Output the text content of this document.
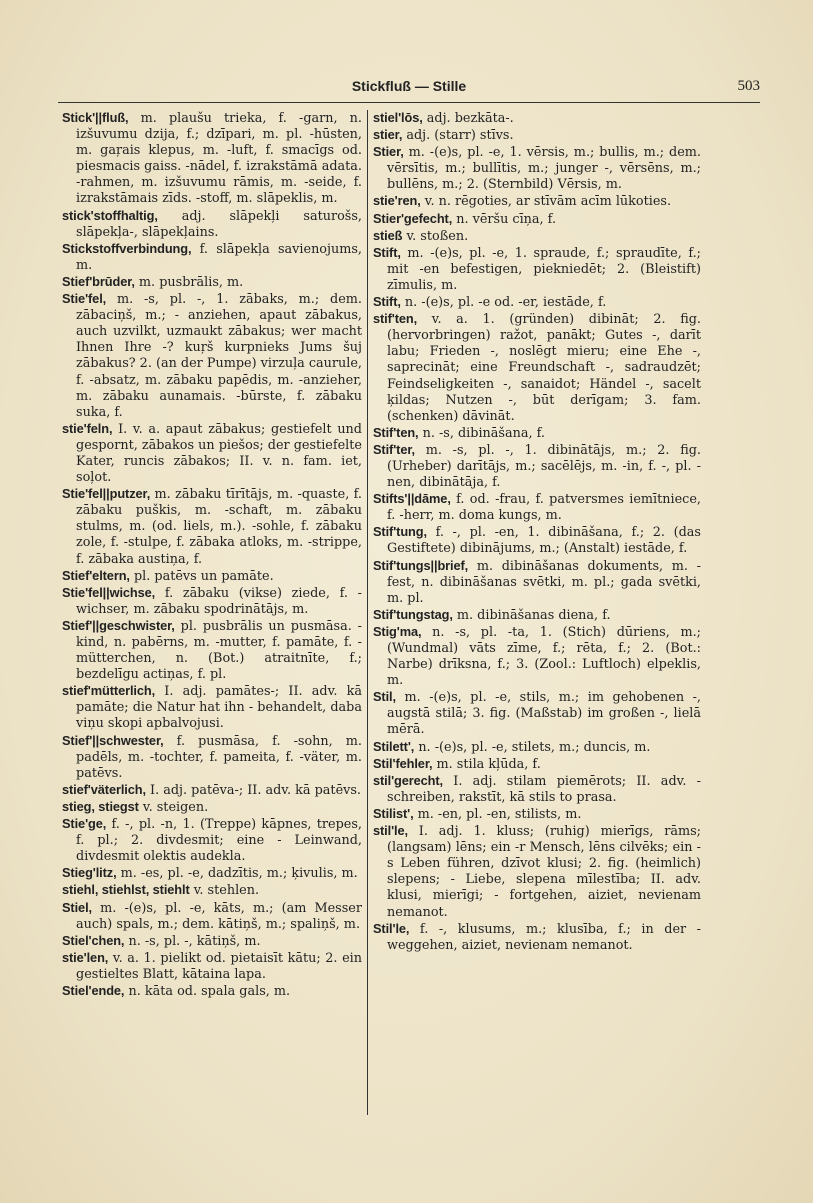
Stickfluß — Stille	503

Stick'||fluß, m. plaušu trieka, f. -garn, n. izšuvumu dzija, f.; dzīpari, m. pl. -hūsten, m. gaŗais klepus, m. -luft, f. smacīgs od. piesmacis gaiss. -nādel, f. izrakstāmā adata. -rahmen, m. izšuvumu rāmis, m. -seide, f. izrakstāmais zīds. -stoff, m. slāpeklis, m.

stick'stoffhaltig, adj. slāpekļi saturošs, slāpekļa-, slāpekļains.

Stickstoffverbindung, f. slāpekļa savienojums, m.

Stief'brūder, m. pusbrālis, m.

Stie'fel, m. -s, pl. -, 1. zābaks, m.; dem. zābaciņš, m.; - anziehen, apaut zābakus, auch uzvilkt, uzmaukt zābakus; wer macht Ihnen Ihre -? kuŗš kurpnieks Jums šuj zābakus? 2. (an der Pumpe) virzuļa caurule, f. -absatz, m. zābaku papēdis, m. -anzieher, m. zābaku aunamais. -būrste, f. zābaku suka, f.

stie'feln, I. v. a. apaut zābakus; gestiefelt und gespornt, zābakos un piešos; der gestiefelte Kater, runcis zābakos; II. v. n. fam. iet, soļot.

Stie'fel||putzer, m. zābaku tīrītājs, m. -quaste, f. zābaku puškis, m. -schaft, m. zābaku stulms, m. (od. liels, m.). -sohle, f. zābaku zole, f. -stulpe, f. zābaka atloks, m. -strippe, f. zābaka austiņa, f.

Stief'eltern, pl. patēvs un pamāte.

Stie'fel||wichse, f. zābaku (vikse) ziede, f. -wichser, m. zābaku spodrinātājs, m.

Stief'||geschwister, pl. pusbrālis un pusmāsa. -kind, n. pabērns, m. -mutter, f. pamāte, f. -mütterchen, n. (Bot.) atraitnīte, f.; bezdelīgu actiņas, f. pl.

stief'mütterlich, I. adj. pamātes-; II. adv. kā pamāte; die Natur hat ihn - behandelt, daba viņu skopi apbalvojusi.

Stief'||schwester, f. pusmāsa, f. -sohn, m. padēls, m. -tochter, f. pameita, f. -väter, m. patēvs.

stief'väterlich, I. adj. patēva-; II. adv. kā patēvs.

stieg, stiegst v. steigen.

Stie'ge, f. -, pl. -n, 1. (Treppe) kāpnes, trepes, f. pl.; 2. divdesmit; eine - Leinwand, divdesmit olektis audekla.

Stieg'litz, m. -es, pl. -e, dadzītis, m.; ķivulis, m.

stiehl, stiehlst, stiehlt v. stehlen.

Stiel, m. -(e)s, pl. -e, kāts, m.; (am Messer auch) spals, m.; dem. kātiņš, m.; spaliņš, m.

Stiel'chen, n. -s, pl. -, kātiņš, m.

stie'len, v. a. 1. pielikt od. pietaisīt kātu; 2. ein gestieltes Blatt, kātaina lapa.

Stiel'ende, n. kāta od. spala gals, m.

stiel'lōs, adj. bezkāta-.

stier, adj. (starr) stīvs.

Stier, m. -(e)s, pl. -e, 1. vērsis, m.; bullis, m.; dem. vērsītis, m.; bullītis, m.; junger -, vērsēns, m.; bullēns, m.; 2. (Sternbild) Vērsis, m.

stie'ren, v. n. rēgoties, ar stīvām acīm lūkoties.

Stier'gefecht, n. vēršu cīņa, f.

stieß v. stoßen.

Stift, m. -(e)s, pl. -e, 1. spraude, f.; spraudīte, f.; mit -en befestigen, piekniedēt; 2. (Bleistift) zīmulis, m.

Stift, n. -(e)s, pl. -e od. -er, iestāde, f.

stif'ten, v. a. 1. (gründen) dibināt; 2. fig. (hervorbringen) ražot, panākt; Gutes -, darīt labu; Frieden -, noslēgt mieru; eine Ehe -, saprecināt; eine Freundschaft -, sadraudzēt; Feindseligkeiten -, sanaidot; Händel -, sacelt ķildas; Nutzen -, būt derīgam; 3. fam. (schenken) dāvināt.

Stif'ten, n. -s, dibināšana, f.

Stif'ter, m. -s, pl. -, 1. dibinātājs, m.; 2. fig. (Urheber) darītājs, m.; sacēlējs, m. -in, f. -, pl. -nen, dibinātāja, f.

Stifts'||dāme, f. od. -frau, f. patversmes iemītniece, f. -herr, m. doma kungs, m.

Stif'tung, f. -, pl. -en, 1. dibināšana, f.; 2. (das Gestiftete) dibinājums, m.; (Anstalt) iestāde, f.

Stif'tungs||brief, m. dibināšanas dokuments, m. -fest, n. dibināšanas svētki, m. pl.; gada svētki, m. pl.

Stif'tungstag, m. dibināšanas diena, f.

Stig'ma, n. -s, pl. -ta, 1. (Stich) dūriens, m.; (Wundmal) vāts zīme, f.; rēta, f.; 2. (Bot.: Narbe) drīksna, f.; 3. (Zool.: Luftloch) elpeklis, m.

Stil, m. -(e)s, pl. -e, stils, m.; im gehobenen -, augstā stilā; 3. fig. (Maßstab) im großen -, lielā mērā.

Stilett', n. -(e)s, pl. -e, stilets, m.; duncis, m.

Stil'fehler, m. stila kļūda, f.

stil'gerecht, I. adj. stilam piemērots; II. adv. - schreiben, rakstīt, kā stils to prasa.

Stilist', m. -en, pl. -en, stilists, m.

stil'le, I. adj. 1. kluss; (ruhig) mierīgs, rāms; (langsam) lēns; ein -r Mensch, lēns cilvēks; ein -s Leben führen, dzīvot klusi; 2. fig. (heimlich) slepens; - Liebe, slepena mīlestība; II. adv. klusi, mierīgi; - fortgehen, aiziet, nevienam nemanot.

Stil'le, f. -, klusums, m.; klusība, f.; in der - weggehen, aiziet, nevienam nemanot.
